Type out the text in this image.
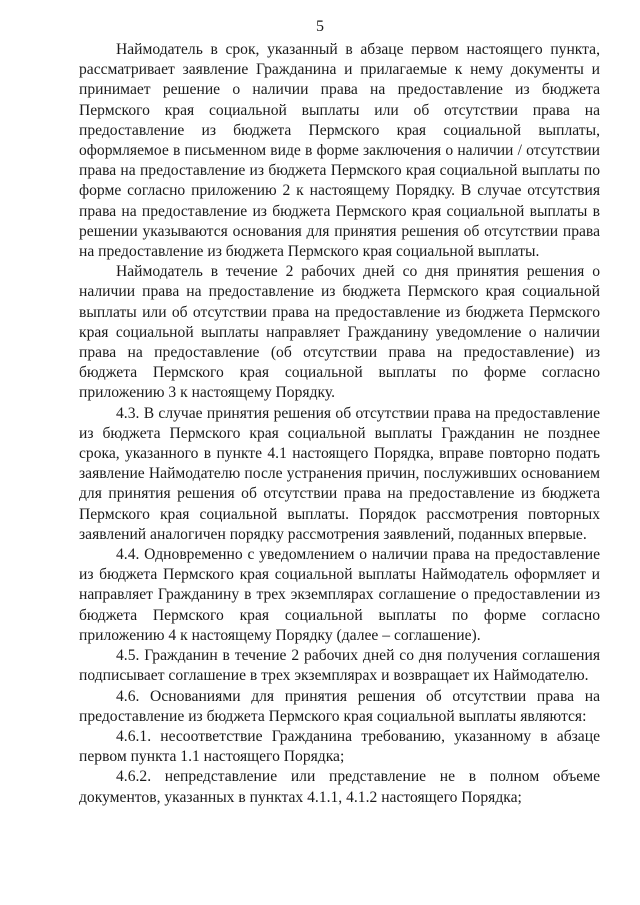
5

Наймодатель в срок, указанный в абзаце первом настоящего пункта, рассматривает заявление Гражданина и прилагаемые к нему документы и принимает решение о наличии права на предоставление из бюджета Пермского края социальной выплаты или об отсутствии права на предоставление из бюджета Пермского края социальной выплаты, оформляемое в письменном виде в форме заключения о наличии / отсутствии права на предоставление из бюджета Пермского края социальной выплаты по форме согласно приложению 2 к настоящему Порядку. В случае отсутствия права на предоставление из бюджета Пермского края социальной выплаты в решении указываются основания для принятия решения об отсутствии права на предоставление из бюджета Пермского края социальной выплаты.

Наймодатель в течение 2 рабочих дней со дня принятия решения о наличии права на предоставление из бюджета Пермского края социальной выплаты или об отсутствии права на предоставление из бюджета Пермского края социальной выплаты направляет Гражданину уведомление о наличии права на предоставление (об отсутствии права на предоставление) из бюджета Пермского края социальной выплаты по форме согласно приложению 3 к настоящему Порядку.

4.3. В случае принятия решения об отсутствии права на предоставление из бюджета Пермского края социальной выплаты Гражданин не позднее срока, указанного в пункте 4.1 настоящего Порядка, вправе повторно подать заявление Наймодателю после устранения причин, послуживших основанием для принятия решения об отсутствии права на предоставление из бюджета Пермского края социальной выплаты. Порядок рассмотрения повторных заявлений аналогичен порядку рассмотрения заявлений, поданных впервые.

4.4. Одновременно с уведомлением о наличии права на предоставление из бюджета Пермского края социальной выплаты Наймодатель оформляет и направляет Гражданину в трех экземплярах соглашение о предоставлении из бюджета Пермского края социальной выплаты по форме согласно приложению 4 к настоящему Порядку (далее – соглашение).

4.5. Гражданин в течение 2 рабочих дней со дня получения соглашения подписывает соглашение в трех экземплярах и возвращает их Наймодателю.

4.6. Основаниями для принятия решения об отсутствии права на предоставление из бюджета Пермского края социальной выплаты являются:

4.6.1. несоответствие Гражданина требованию, указанному в абзаце первом пункта 1.1 настоящего Порядка;

4.6.2. непредставление или представление не в полном объеме документов, указанных в пунктах 4.1.1, 4.1.2 настоящего Порядка;
